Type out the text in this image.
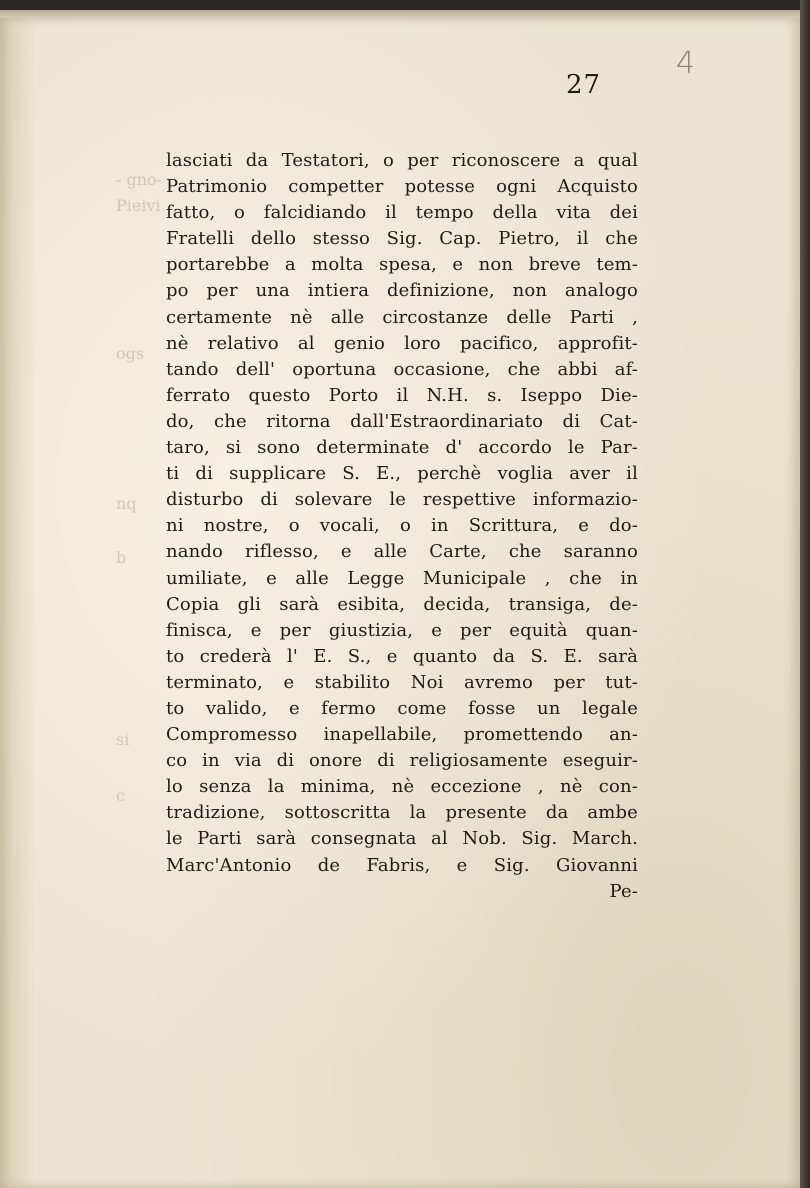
- gno- .
Pieivi
ogs
nq
b
si
c
27
4
lasciati da Testatori, o per riconoscere a qual
Patrimonio competter potesse ogni Acquisto
fatto, o falcidiando il tempo della vita dei
Fratelli dello stesso Sig. Cap. Pietro, il che
portarebbe a molta spesa, e non breve tem-
po per una intiera definizione, non analogo
certamente nè alle circostanze delle Parti ,
nè relativo al genio loro pacifico, approfit-
tando dell' oportuna occasione, che abbi af-
ferrato questo Porto il N.H. s. Iseppo Die-
do, che ritorna dall'Estraordinariato di Cat-
taro, si sono determinate d' accordo le Par-
ti di supplicare S. E., perchè voglia aver il
disturbo di solevare le respettive informazio-
ni nostre, o vocali, o in Scrittura, e do-
nando riflesso, e alle Carte, che saranno
umiliate, e alle Legge Municipale , che in
Copia gli sarà esibita, decida, transiga, de-
finisca, e per giustizia, e per equità quan-
to crederà l' E. S., e quanto da S. E. sarà
terminato, e stabilito Noi avremo per tut-
to valido, e fermo come fosse un legale
Compromesso inapellabile, promettendo an-
co in via di onore di religiosamente eseguir-
lo senza la minima, nè eccezione , nè con-
tradizione, sottoscritta la presente da ambe
le Parti sarà consegnata al Nob. Sig. March.
Marc'Antonio de Fabris, e Sig. Giovanni
Pe-
